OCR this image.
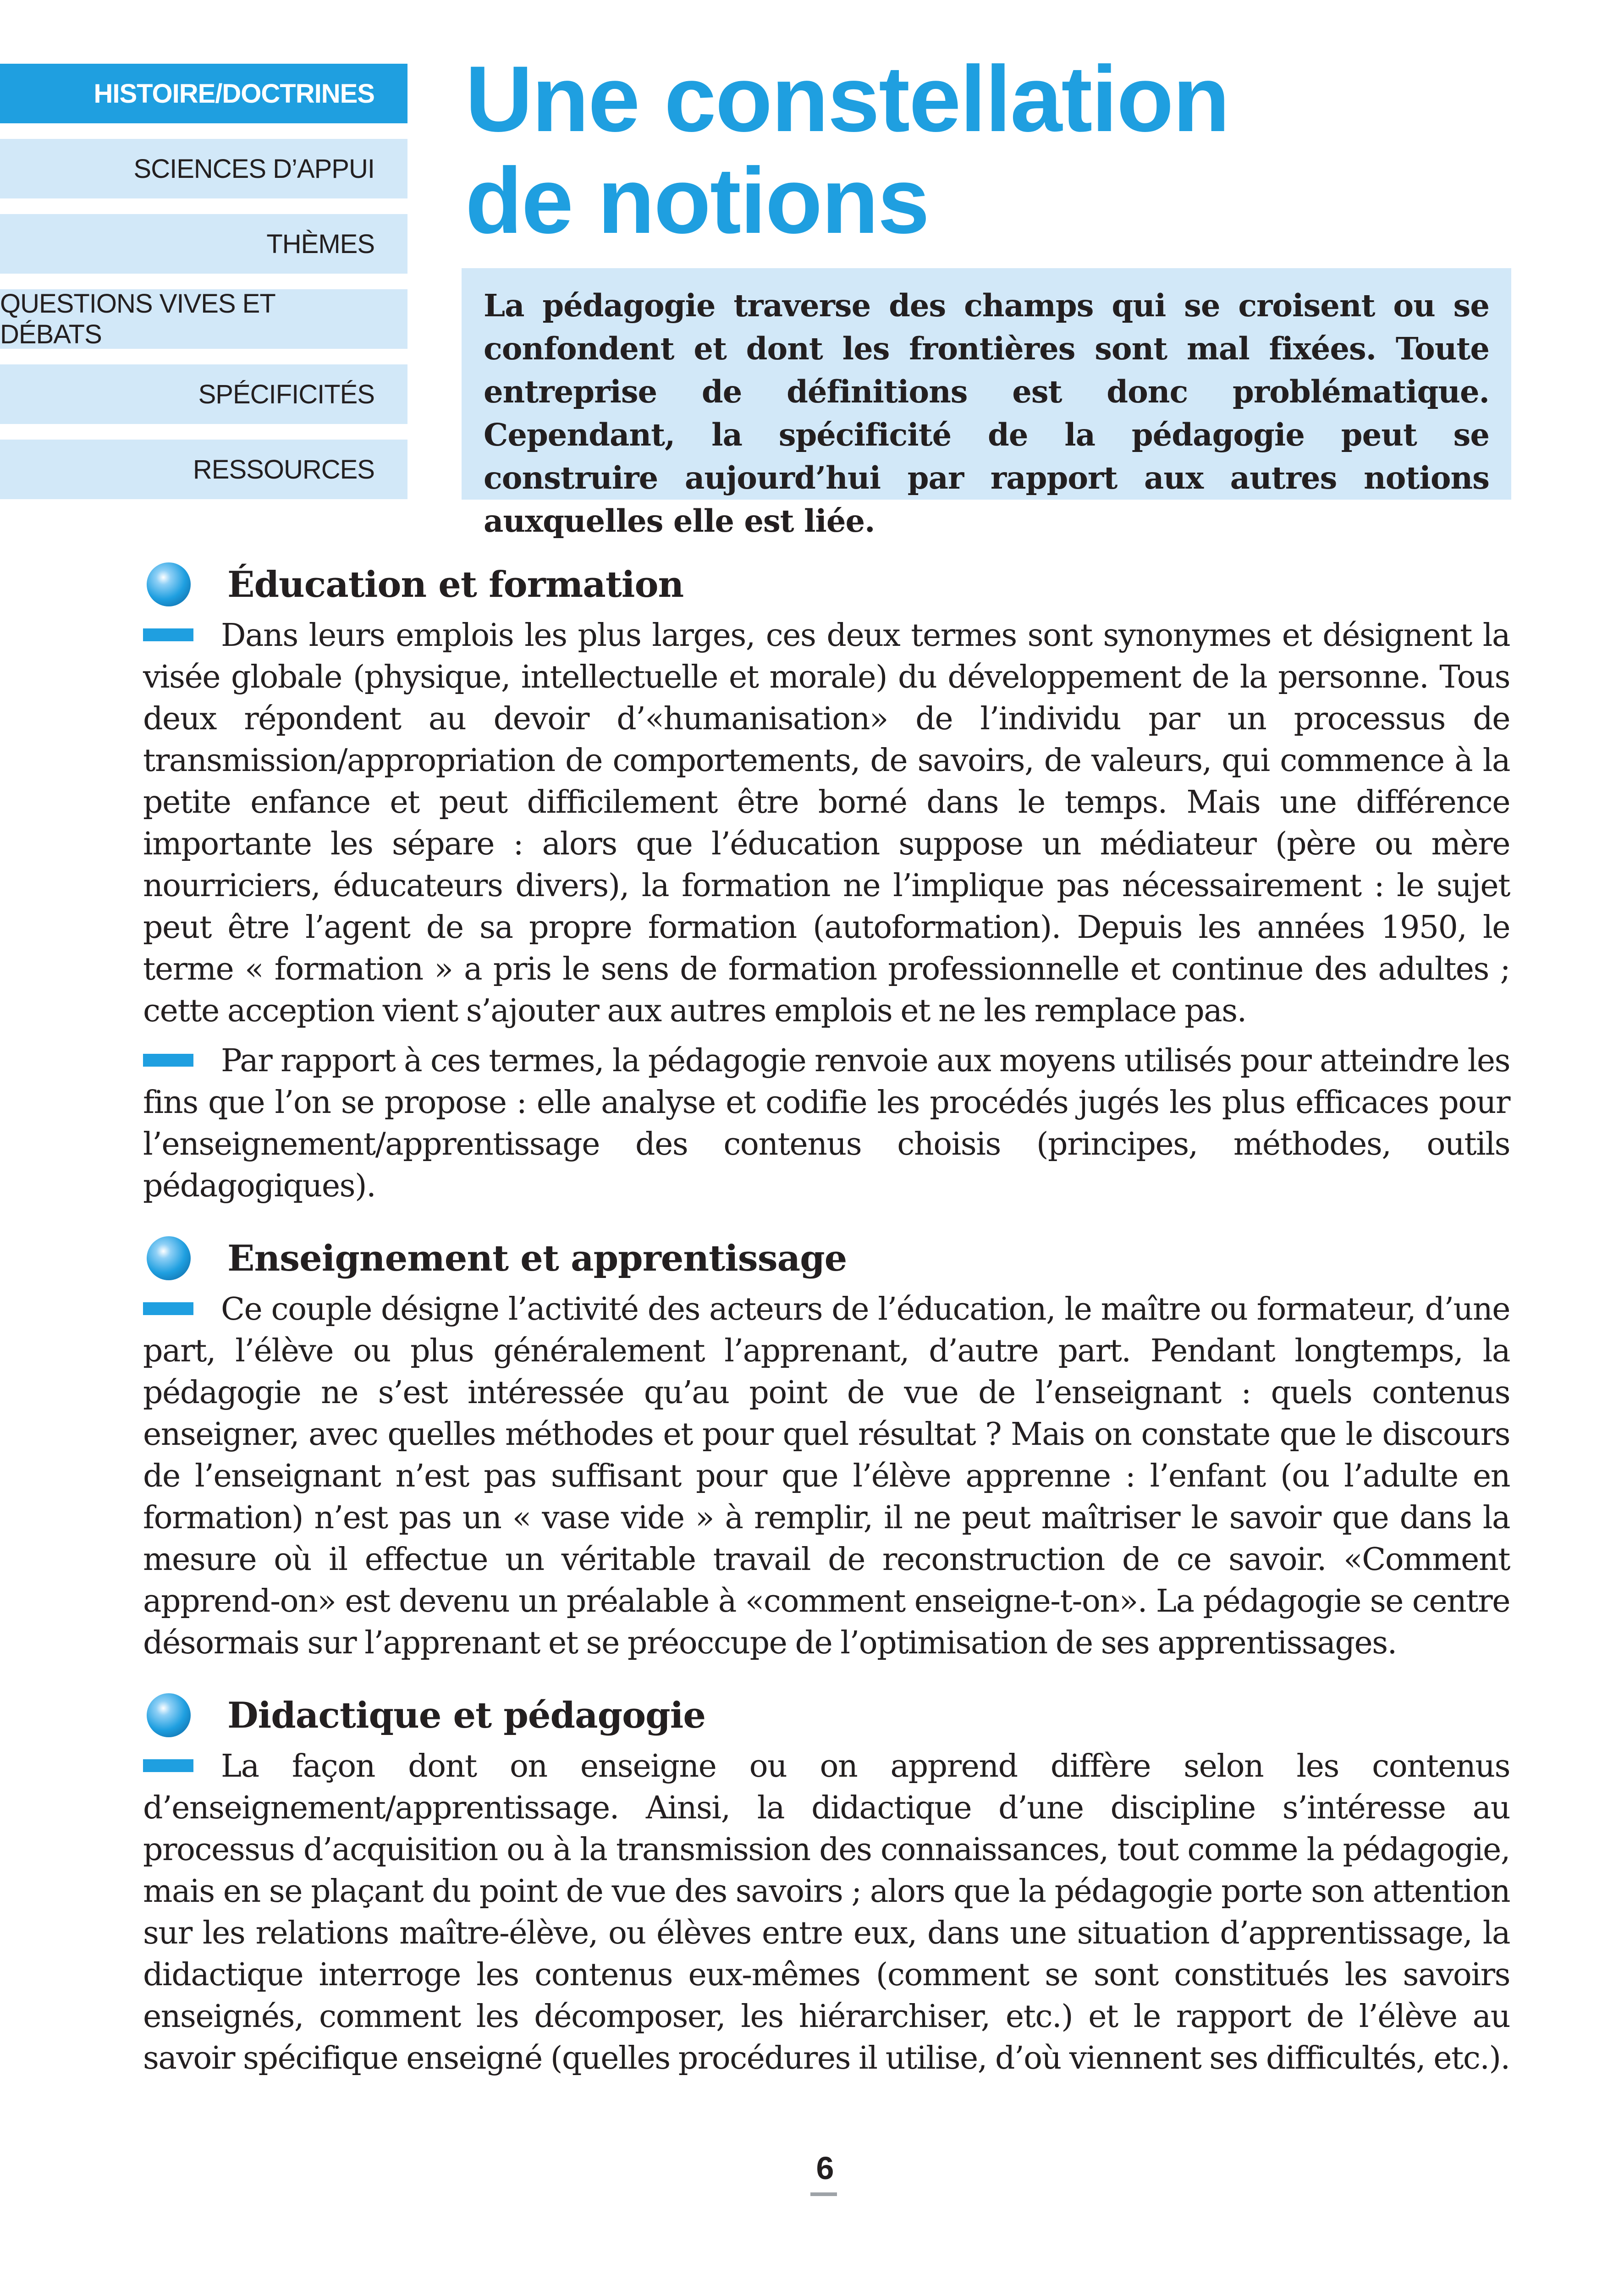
HISTOIRE/DOCTRINES
SCIENCES D’APPUI
THÈMES
QUESTIONS VIVES ET DÉBATS
SPÉCIFICITÉS
RESSOURCES
Une constellation
de notions
La pédagogie traverse des champs qui se croisent ou se confondent et dont les frontières sont mal fixées. Toute entreprise de définitions est donc problématique. Cependant, la spécificité de la pédagogie peut se construire aujourd’hui par rapport aux autres notions auxquelles elle est liée.
Éducation et formation

Dans leurs emplois les plus larges, ces deux termes sont synonymes et désignent la visée globale (physique, intellectuelle et morale) du développement de la personne. Tous deux répondent au devoir d’«humanisation» de l’individu par un processus de transmission/appropriation de comportements, de savoirs, de valeurs, qui commence à la petite enfance et peut difficilement être borné dans le temps. Mais une différence importante les sépare : alors que l’éducation suppose un médiateur (père ou mère nourriciers, éducateurs divers), la formation ne l’implique pas nécessairement : le sujet peut être l’agent de sa propre formation (autoformation). Depuis les années 1950, le terme « formation » a pris le sens de formation professionnelle et continue des adultes ; cette acception vient s’ajouter aux autres emplois et ne les remplace pas.

Par rapport à ces termes, la pédagogie renvoie aux moyens utilisés pour atteindre les fins que l’on se propose : elle analyse et codifie les procédés jugés les plus efficaces pour l’enseignement/apprentissage des contenus choisis (principes, méthodes, outils pédagogiques).

Enseignement et apprentissage

Ce couple désigne l’activité des acteurs de l’éducation, le maître ou formateur, d’une part, l’élève ou plus généralement l’apprenant, d’autre part. Pendant longtemps, la pédagogie ne s’est intéressée qu’au point de vue de l’enseignant : quels contenus enseigner, avec quelles méthodes et pour quel résultat ? Mais on constate que le discours de l’enseignant n’est pas suffisant pour que l’élève apprenne : l’enfant (ou l’adulte en formation) n’est pas un « vase vide » à remplir, il ne peut maîtriser le savoir que dans la mesure où il effectue un véritable travail de reconstruction de ce savoir. «Comment apprend-on» est devenu un préalable à «comment enseigne-t-on». La pédagogie se centre désormais sur l’apprenant et se préoccupe de l’optimisation de ses apprentissages.

Didactique et pédagogie

La façon dont on enseigne ou on apprend diffère selon les contenus d’enseignement/apprentissage. Ainsi, la didactique d’une discipline s’intéresse au processus d’acquisition ou à la transmission des connaissances, tout comme la pédagogie, mais en se plaçant du point de vue des savoirs ; alors que la pédagogie porte son attention sur les relations maître-élève, ou élèves entre eux, dans une situation d’apprentissage, la didactique interroge les contenus eux-mêmes (comment se sont constitués les savoirs enseignés, comment les décomposer, les hiérarchiser, etc.) et le rapport de l’élève au savoir spécifique enseigné (quelles procédures il utilise, d’où viennent ses difficultés, etc.).

6
